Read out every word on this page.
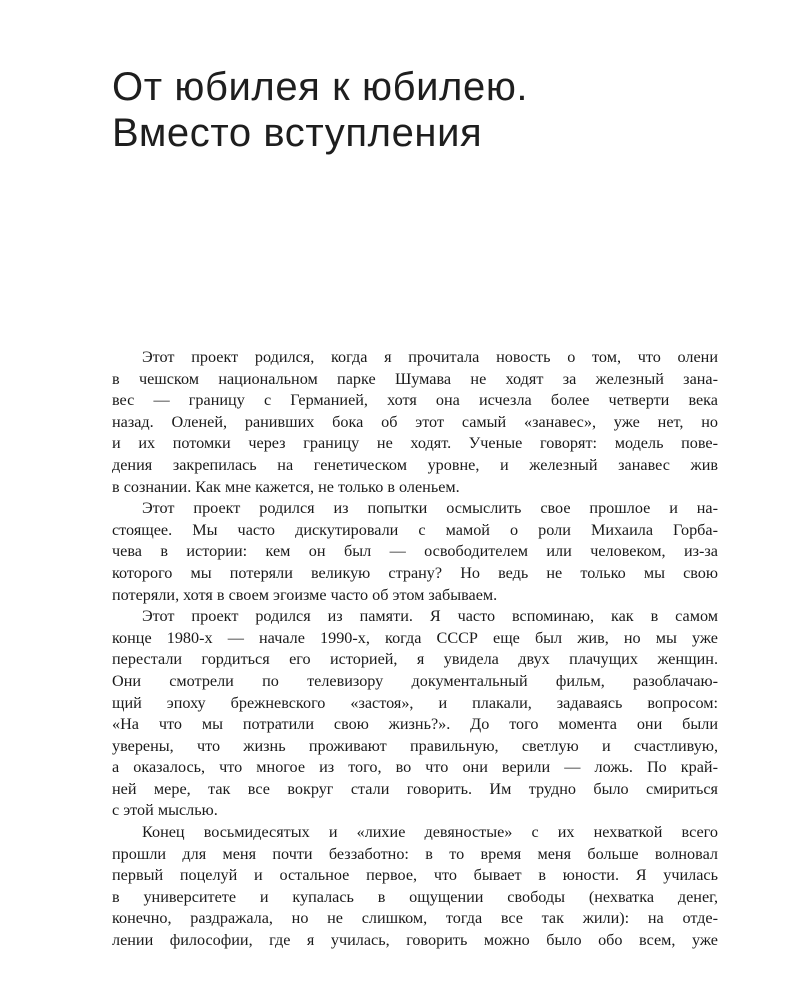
От юбилея к юбилею.
Вместо вступления
Этот проект родился, когда я прочитала новость о том, что олени
в чешском национальном парке Шумава не ходят за железный зана-
вес — границу с Германией, хотя она исчезла более четверти века
назад. Оленей, ранивших бока об этот самый «занавес», уже нет, но
и их потомки через границу не ходят. Ученые говорят: модель пове-
дения закрепилась на генетическом уровне, и железный занавес жив
в сознании. Как мне кажется, не только в оленьем.
Этот проект родился из попытки осмыслить свое прошлое и на-
стоящее. Мы часто дискутировали с мамой о роли Михаила Горба-
чева в истории: кем он был — освободителем или человеком, из-за
которого мы потеряли великую страну? Но ведь не только мы свою
потеряли, хотя в своем эгоизме часто об этом забываем.
Этот проект родился из памяти. Я часто вспоминаю, как в самом
конце 1980-х — начале 1990-х, когда СССР еще был жив, но мы уже
перестали гордиться его историей, я увидела двух плачущих женщин.
Они смотрели по телевизору документальный фильм, разоблачаю-
щий эпоху брежневского «застоя», и плакали, задаваясь вопросом:
«На что мы потратили свою жизнь?». До того момента они были
уверены, что жизнь проживают правильную, светлую и счастливую,
а оказалось, что многое из того, во что они верили — ложь. По край-
ней мере, так все вокруг стали говорить. Им трудно было смириться
с этой мыслью.
Конец восьмидесятых и «лихие девяностые» с их нехваткой всего
прошли для меня почти беззаботно: в то время меня больше волновал
первый поцелуй и остальное первое, что бывает в юности. Я училась
в университете и купалась в ощущении свободы (нехватка денег,
конечно, раздражала, но не слишком, тогда все так жили): на отде-
лении философии, где я училась, говорить можно было обо всем, уже
